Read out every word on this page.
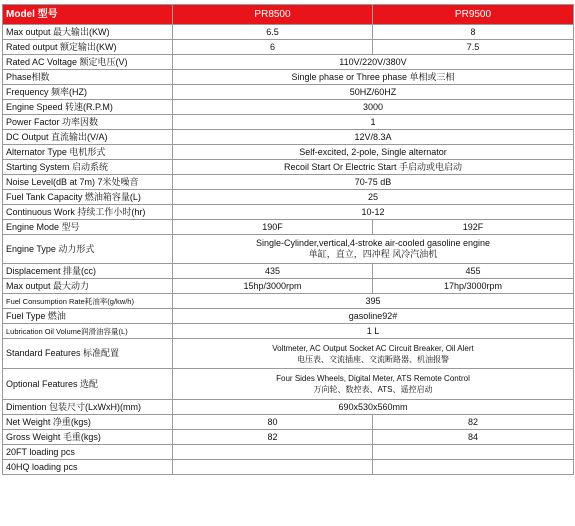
Model 型号	PR8500	PR9500
Max output 最大输出(KW)	6.5	8
Rated output 额定输出(KW)	6	7.5
Rated AC Voltage 额定电压(V)	110V/220V/380V	
Phase相数	Single phase or Three phase 单相或三相	
Frequency 频率(HZ)	50HZ/60HZ	
Engine Speed 转速(R.P.M)	3000	
Power Factor 功率因数	1	
DC Output 直流输出(V/A)	12V/8.3A	
Alternator Type 电机形式	Self-excited, 2-pole, Single alternator	
Starting System 启动系统	Recoil Start Or Electric Start 手启动或电启动	
Noise Level(dB at 7m) 7米处噪音	70-75 dB	
Fuel Tank Capacity 燃油箱容量(L)	25	
Continuous Work 持续工作小时(hr)	10-12	
Engine Mode 型号	190F	192F
Engine Type 动力形式	Single-Cylinder,vertical,4-stroke air-cooled gasoline engine
单缸，直立，四冲程 风冷汽油机	

Displacement 排量(cc)	435	455
Max output 最大动力	15hp/3000rpm	17hp/3000rpm
Fuel Consumption Rate耗油率(g/kw/h)	395	
Fuel Type 燃油	gasoline92#	
Lubrication Oil Volume润滑油容量(L)	1 L	
Standard Features 标准配置	Voltmeter, AC Output Socket AC Circuit Breaker, Oil Alert
电压表、交流插座、交流断路器、机油报警	

Optional Features 选配	Four Sides Wheels, Digital Meter, ATS Remote Control
万向轮、数控表、ATS、遥控启动	

Dimention 包装尺寸(LxWxH)(mm)	690x530x560mm	
Net Weight 净重(kgs)	80	82
Gross Weight 毛重(kgs)	82	84
20FT loading pcs		
40HQ loading pcs		
